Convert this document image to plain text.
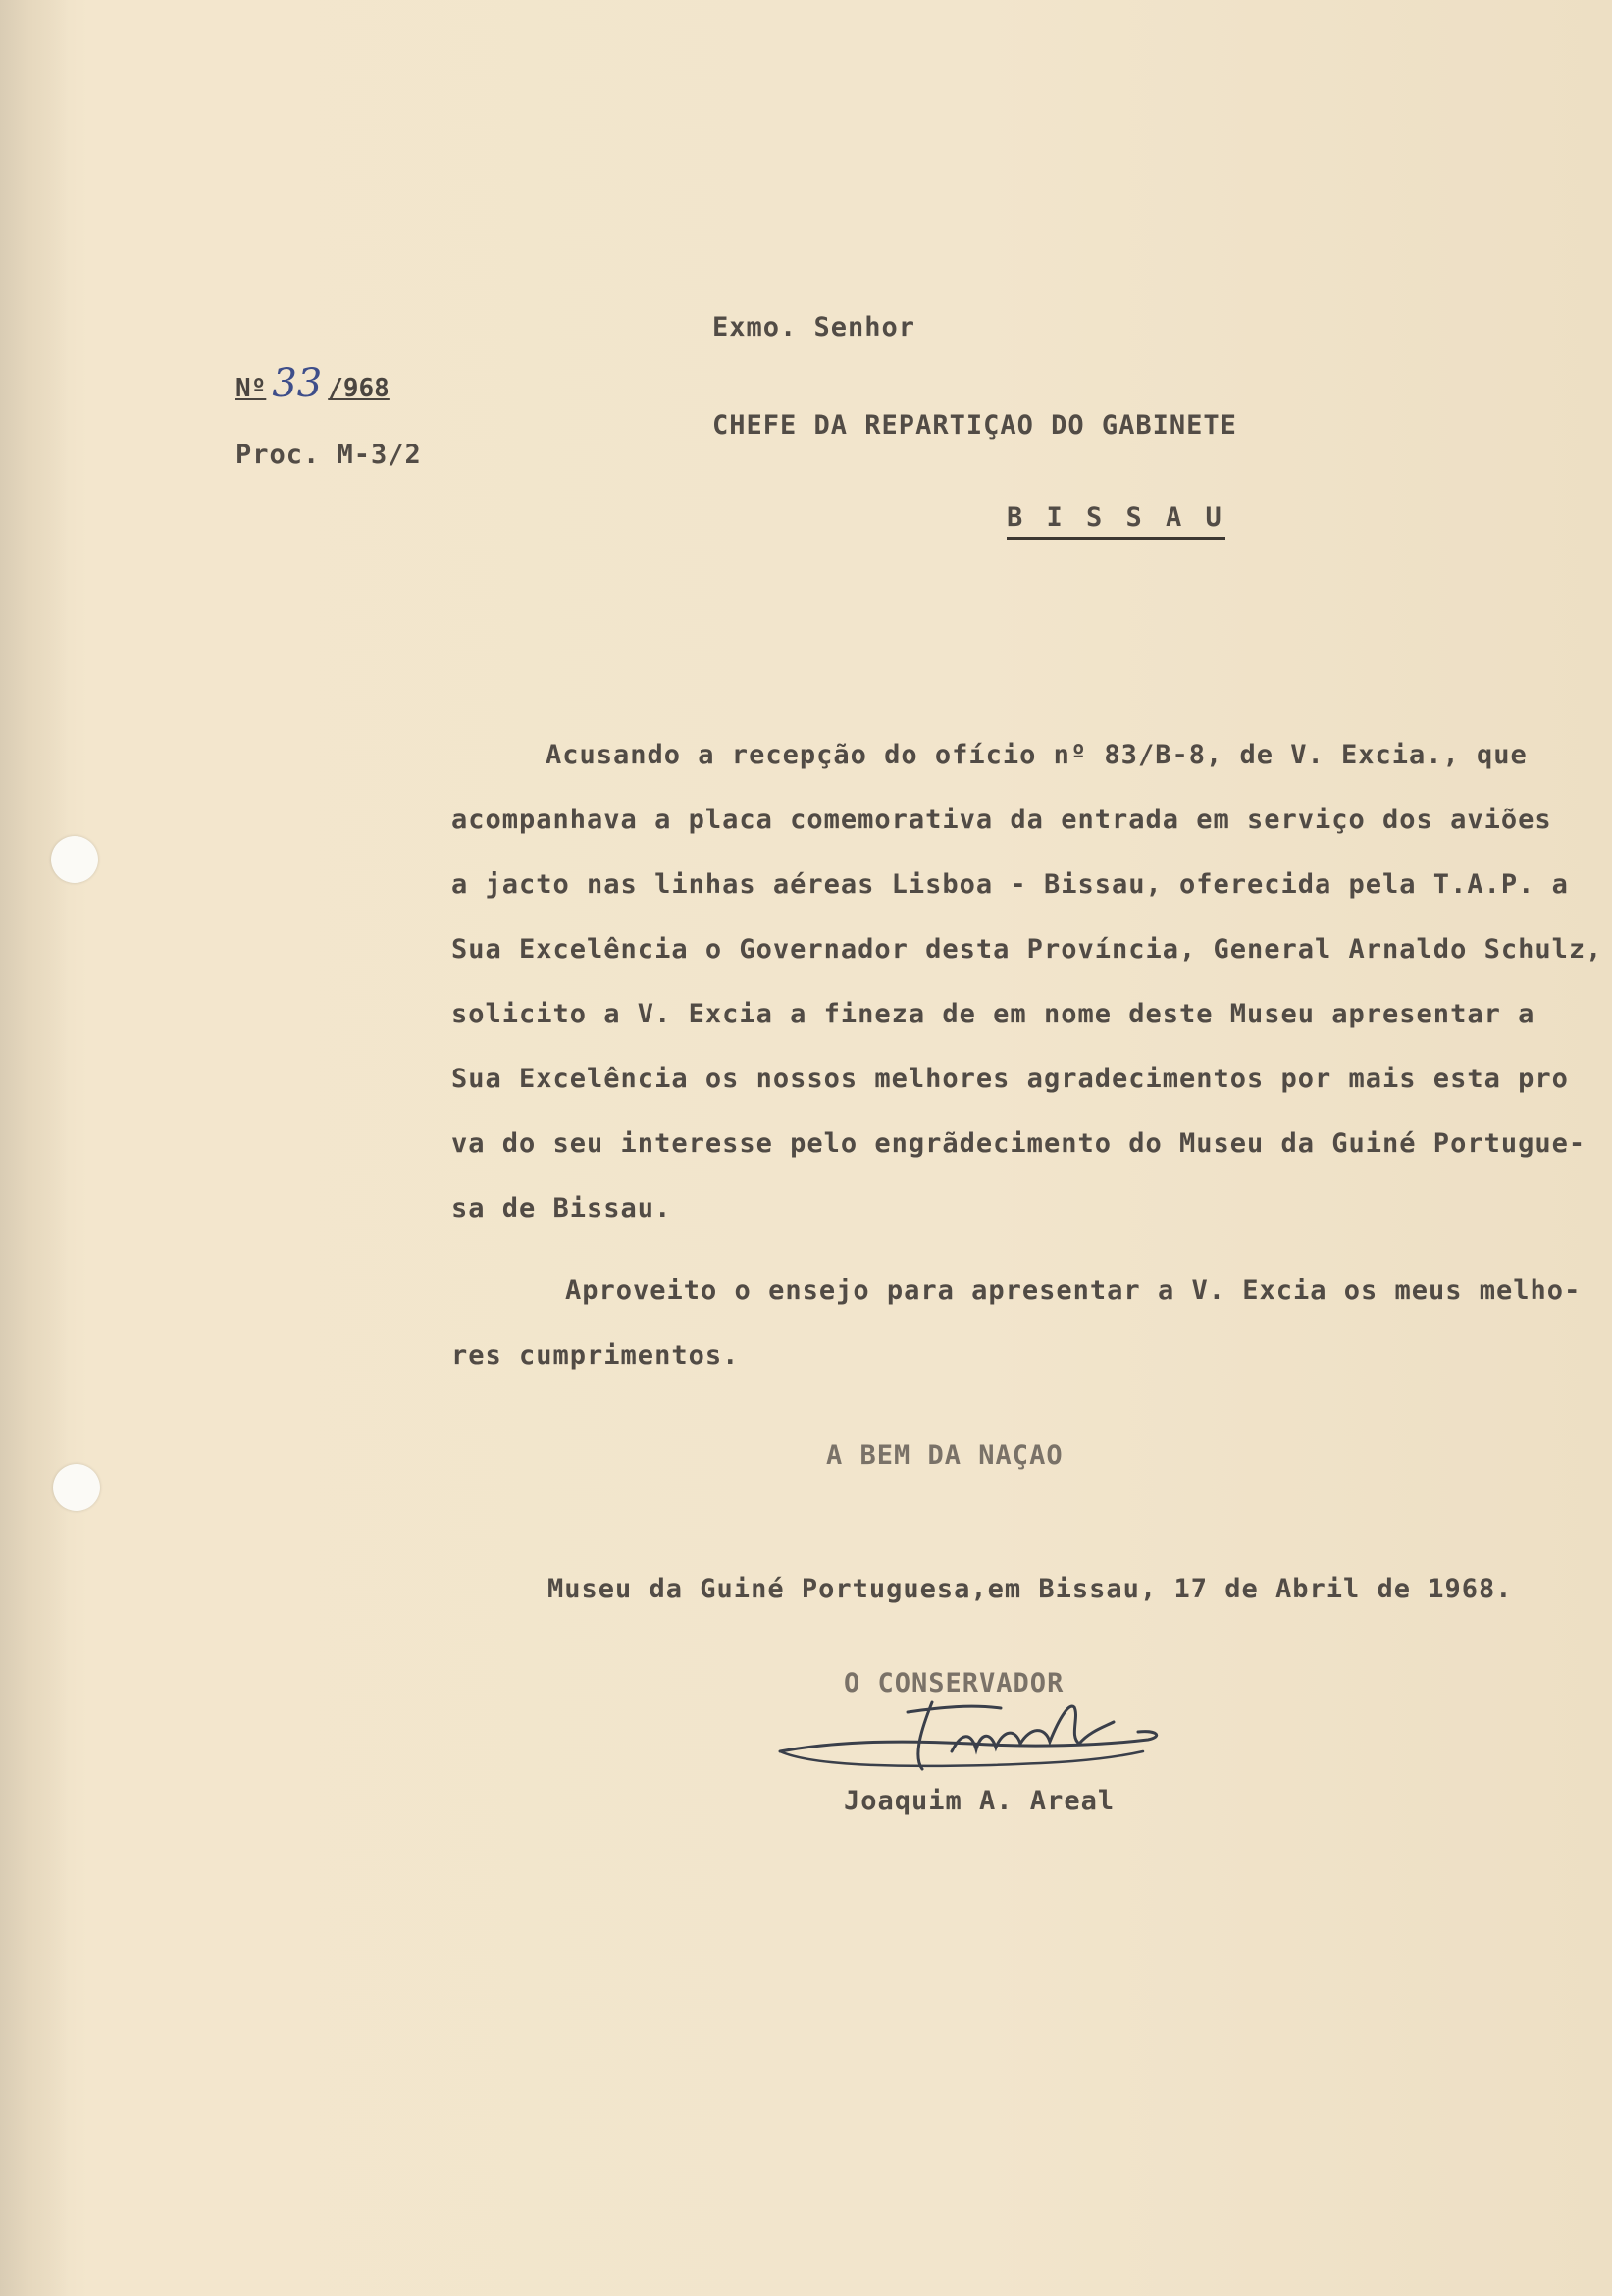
Exmo. Senhor
Nº 33 /968
Proc. M-3/2
CHEFE DA REPARTIÇAO DO GABINETE
B I S S A U
Acusando a recepção do ofício nº 83/B-8, de V. Excia., que
acompanhava a placa comemorativa da entrada em serviço dos aviões
a jacto nas linhas aéreas Lisboa - Bissau, oferecida pela T.A.P. a
Sua Excelência o Governador desta Província, General Arnaldo Schulz,
solicito a V. Excia a fineza de em nome deste Museu apresentar a
Sua Excelência os nossos melhores agradecimentos por mais esta pro
va do seu interesse pelo engrãdecimento do Museu da Guiné Portugue-
sa de Bissau.
Aproveito o ensejo para apresentar a V. Excia os meus melho-
res cumprimentos.
A BEM DA NAÇAO
Museu da Guiné Portuguesa,em Bissau, 17 de Abril de 1968.
O CONSERVADOR
Joaquim A. Areal
